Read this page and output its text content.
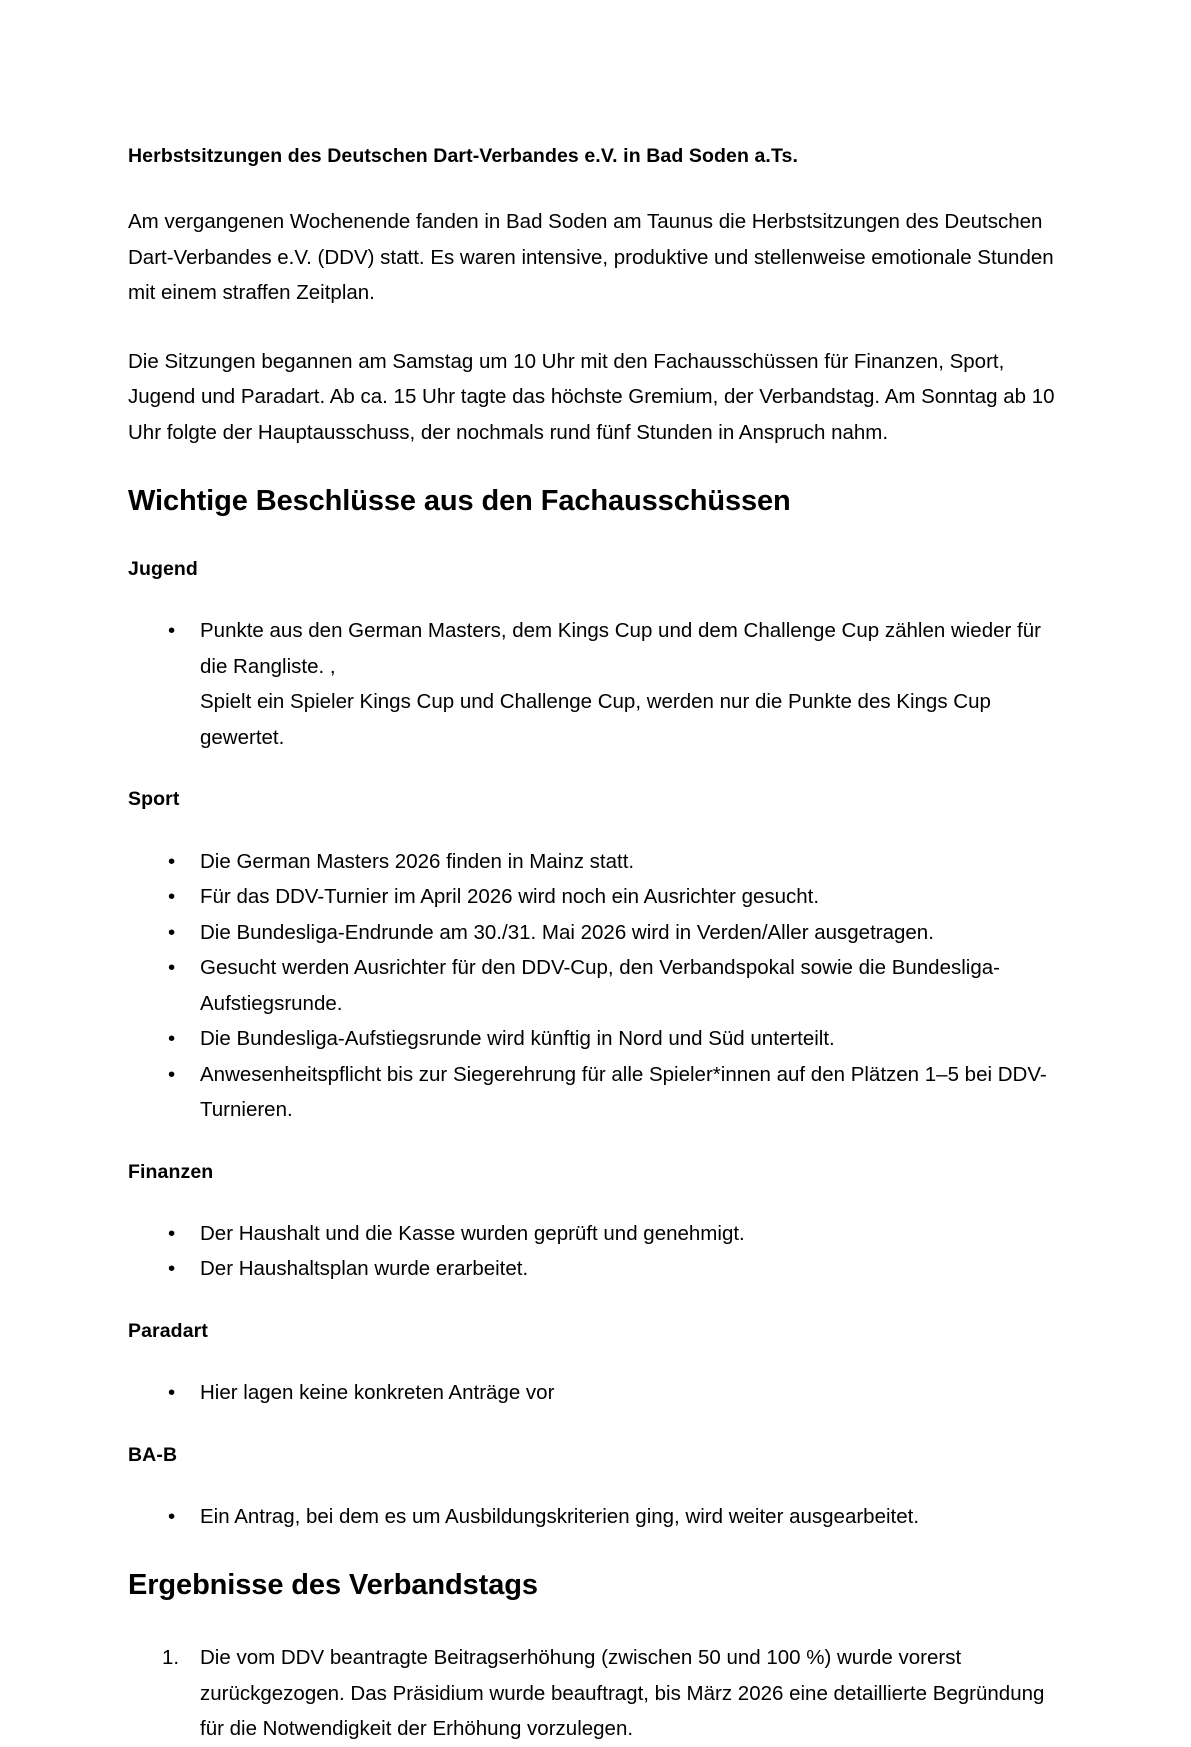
Herbstsitzungen des Deutschen Dart-Verbandes e.V. in Bad Soden a.Ts.

Am vergangenen Wochenende fanden in Bad Soden am Taunus die Herbstsitzungen des Deutschen Dart-Verbandes e.V. (DDV) statt. Es waren intensive, produktive und stellenweise emotionale Stunden mit einem straffen Zeitplan.

Die Sitzungen begannen am Samstag um 10 Uhr mit den Fachausschüssen für Finanzen, Sport, Jugend und Paradart. Ab ca. 15 Uhr tagte das höchste Gremium, der Verbandstag. Am Sonntag ab 10 Uhr folgte der Hauptausschuss, der nochmals rund fünf Stunden in Anspruch nahm.

Wichtige Beschlüsse aus den Fachausschüssen
Jugend
• Punkte aus den German Masters, dem Kings Cup und dem Challenge Cup zählen wieder für die Rangliste. ,
Spielt ein Spieler Kings Cup und Challenge Cup, werden nur die Punkte des Kings Cup gewertet.
Sport
• Die German Masters 2026 finden in Mainz statt.
• Für das DDV-Turnier im April 2026 wird noch ein Ausrichter gesucht.
• Die Bundesliga-Endrunde am 30./31. Mai 2026 wird in Verden/Aller ausgetragen.
• Gesucht werden Ausrichter für den DDV-Cup, den Verbandspokal sowie die Bundesliga-Aufstiegsrunde.
• Die Bundesliga-Aufstiegsrunde wird künftig in Nord und Süd unterteilt.
• Anwesenheitspflicht bis zur Siegerehrung für alle Spieler*innen auf den Plätzen 1–5 bei DDV-Turnieren.
Finanzen
• Der Haushalt und die Kasse wurden geprüft und genehmigt.
• Der Haushaltsplan wurde erarbeitet.
Paradart
• Hier lagen keine konkreten Anträge vor
BA-B
• Ein Antrag, bei dem es um Ausbildungskriterien ging, wird weiter ausgearbeitet.
Ergebnisse des Verbandstags
Die vom DDV beantragte Beitragserhöhung (zwischen 50 und 100 %) wurde vorerst zurückgezogen. Das Präsidium wurde beauftragt, bis März 2026 eine detaillierte Begründung für die Notwendigkeit der Erhöhung vorzulegen.
